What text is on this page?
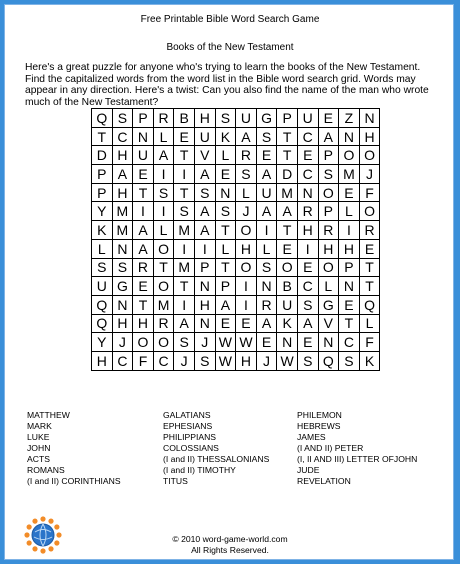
Free Printable Bible Word Search Game
Books of the New Testament
Here's a great puzzle for anyone who's trying to learn the books of the New Testament. Find the capitalized words from the word list in the Bible word search grid. Words may appear in any direction. Here's a twist: Can you also find the name of the man who wrote much of the New Testament?
Q	S	P	R	B	H	S	U	G	P	U	E	Z	N
T	C	N	L	E	U	K	A	S	T	C	A	N	H
D	H	U	A	T	V	L	R	E	T	E	P	O	O
P	A	E	I	I	A	E	S	A	D	C	S	M	J
P	H	T	S	T	S	N	L	U	M	N	O	E	F
Y	M	I	I	S	A	S	J	A	A	R	P	L	O
K	M	A	L	M	A	T	O	I	T	H	R	I	R
L	N	A	O	I	I	L	H	L	E	I	H	H	E
S	S	R	T	M	P	T	O	S	O	E	O	P	T
U	G	E	O	T	N	P	I	N	B	C	L	N	T
Q	N	T	M	I	H	A	I	R	U	S	G	E	Q
Q	H	H	R	A	N	E	E	A	K	A	V	T	L
Y	J	O	O	S	J	W	W	E	N	E	N	C	F
H	C	F	C	J	S	W	H	J	W	S	Q	S	K
MATTHEW
MARK
LUKE
JOHN
ACTS
ROMANS
(I and II) CORINTHIANS
GALATIANS
EPHESIANS
PHILIPPIANS
COLOSSIANS
(I and II) THESSALONIANS
(I and II) TIMOTHY
TITUS
PHILEMON
HEBREWS
JAMES
(I AND II) PETER
(I, II AND III) LETTER OFJOHN
JUDE
REVELATION
© 2010 word-game-world.com
All Rights Reserved.
